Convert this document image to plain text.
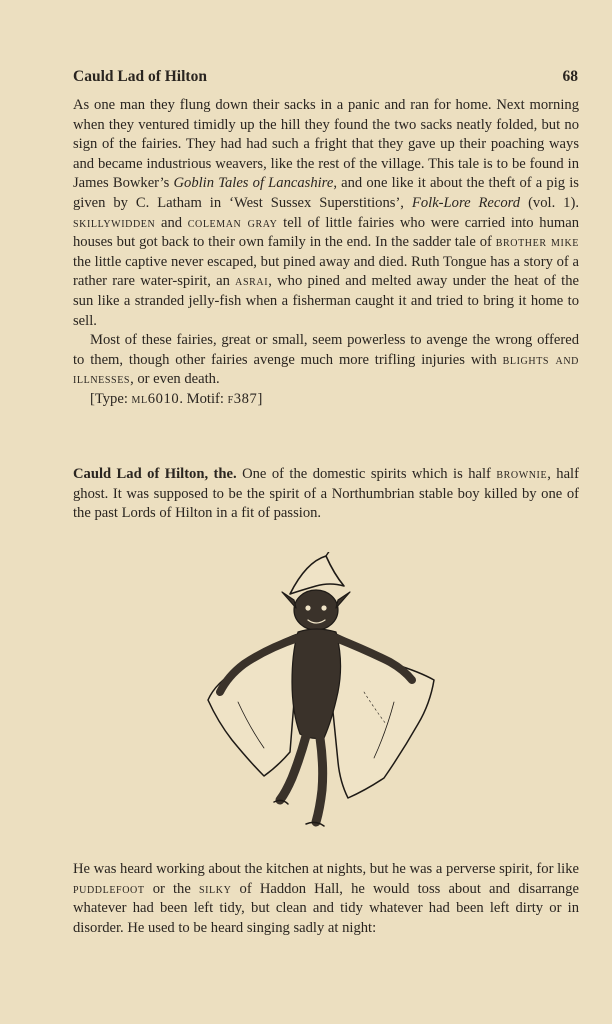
Cauld Lad of Hilton	68

As one man they flung down their sacks in a panic and ran for home. Next morning when they ventured timidly up the hill they found the two sacks neatly folded, but no sign of the fairies. They had had such a fright that they gave up their poaching ways and became industrious weavers, like the rest of the village. This tale is to be found in James Bowker’s Goblin Tales of Lancashire, and one like it about the theft of a pig is given by C. Latham in ‘West Sussex Superstitions’, Folk-Lore Record (vol. 1). skillywidden and coleman gray tell of little fairies who were carried into human houses but got back to their own family in the end. In the sadder tale of brother mike the little captive never escaped, but pined away and died. Ruth Tongue has a story of a rather rare water-spirit, an asrai, who pined and melted away under the heat of the sun like a stranded jelly-fish when a fisherman caught it and tried to bring it home to sell.

Most of these fairies, great or small, seem powerless to avenge the wrong offered to them, though other fairies avenge much more trifling injuries with blights and illnesses, or even death.

[Type: ml6010. Motif: f387]

Cauld Lad of Hilton, the. One of the domestic spirits which is half brownie, half ghost. It was supposed to be the spirit of a Northumbrian stable boy killed by one of the past Lords of Hilton in a fit of passion.

He was heard working about the kitchen at nights, but he was a perverse spirit, for like puddlefoot or the silky of Haddon Hall, he would toss about and disarrange whatever had been left tidy, but clean and tidy whatever had been left dirty or in disorder. He used to be heard singing sadly at night:
